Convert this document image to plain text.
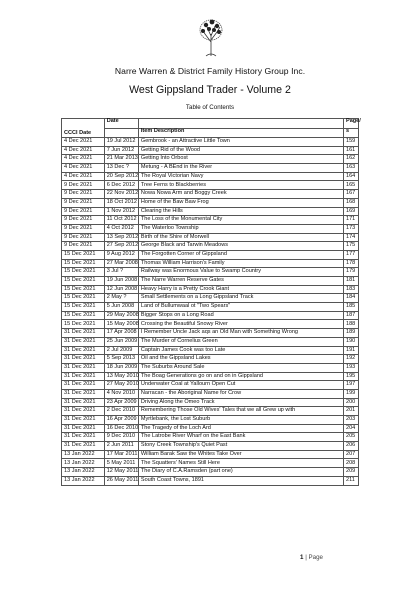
Narre Warren & District Family History Group Inc.
West Gippsland Trader - Volume 2
Table of Contents
CCCI Date	Date		Page/
		Item Description	s
4 Dec 2021	19 Jul 2012	Gembrook - an Attractive Little Town	159
4 Dec 2021	7 Jun 2012	Getting Rid of the Wood	161
4 Dec 2021	21 Mar 2013	Getting Into Orbost	162
4 Dec 2021	13 Dec ?	Metung - A BEnd in the River	163
4 Dec 2021	20 Sep 2012	The Royal Victorian Navy	164
9 Dec 2021	6 Dec 2012	Tree Ferns to Blackberries	165
9 Dec 2021	22 Nov 2012	Nowa Nowa Arm and Boggy Creek	167
9 Dec 2021	18 Oct 2012	Home of the Baw Baw Frog	168
9 Dec 2021	1 Nov 2012	Clearing the Hills	169
9 Dec 2021	11 Oct 2012	The Loss of the Monumental City	171
9 Dec 2021	4 Oct 2012	The Waterloo Township	173
9 Dec 2021	13 Sep 2012	Birth of the Shire of Morwell	174
9 Dec 2021	27 Sep 2012	George Black and Tarwin Meadows	175
15 Dec 2021	9 Aug 2012	The Forgotten Corner of Gippsland	177
15 Dec 2021	27 Mar 2008	Thomas William Harrison's Family	178
15 Dec 2021	3 Jul ?	Railway was Enormous Value to Swamp Country	179
15 Dec 2021	19 Jun 2008	The Narre Warren Reserve Gates	181
15 Dec 2021	12 Jun 2008	Heavy Harry is a Pretty Crook Giant	183
15 Dec 2021	2 May ?	Small Settlements on a Long Gippsland Track	184
15 Dec 2021	5 Jun 2008	Land of Bullumwaal ot "Two Spears"	185
15 Dec 2021	29 May 2008	Bigger Stops on a Long Road	187
15 Dec 2021	15 May 2008	Crossing the Beautiful Snowy River	188
31 Dec 2021	17 Apr 2008	I Remember Uncle Jack aqs an Old Man with Something Wrong	189
31 Dec 2021	25 Jun 2009	The Murder of Cornelius Green	190
31 Dec 2021	2 Jul 2009	Captain James Cook was too Late	191
31 Dec 2021	5 Sep 2013	Oil and the Gippsland Lakes	192
31 Dec 2021	18 Jun 2009	The Suburbs Around Sale	193
31 Dec 2021	13 May 2010	The Boag Generations go on and on in Gippsland	195
31 Dec 2021	27 May 2010	Underwater Coal at Yallourn Open Cut	197
31 Dec 2021	4 Nov 2010	Narracan - the Aboriginal Name for Crow	199
31 Dec 2021	23 Apr 2009	Driving Along the Omeo Track	200
31 Dec 2021	2 Dec 2010	Remembering Those Old Wives' Tales that we all Grew up with	201
31 Dec 2021	16 Apr 2009	Myrtlebank, the Lost Suburb	203
31 Dec 2021	16 Dec 2010	The Tragedy of the Loch Ard	204
31 Dec 2021	9 Dec 2010	The Latrobe River Wharf on the East Bank	205
31 Dec 2021	2 Jun 2011	Stony Creek Township's Quiet Past	206
13 Jan 2022	17 Mar 2011	William Barak Saw the Whites Take Over	207
13 Jan 2022	5 May 2011	The Squatters' Names Still Here	208
13 Jan 2022	12 May 2011	The Diary of C.A.Ramsden (part one)	209
13 Jan 2022	26 May 2011	South Coast Towns, 1891	211
1 | Page
